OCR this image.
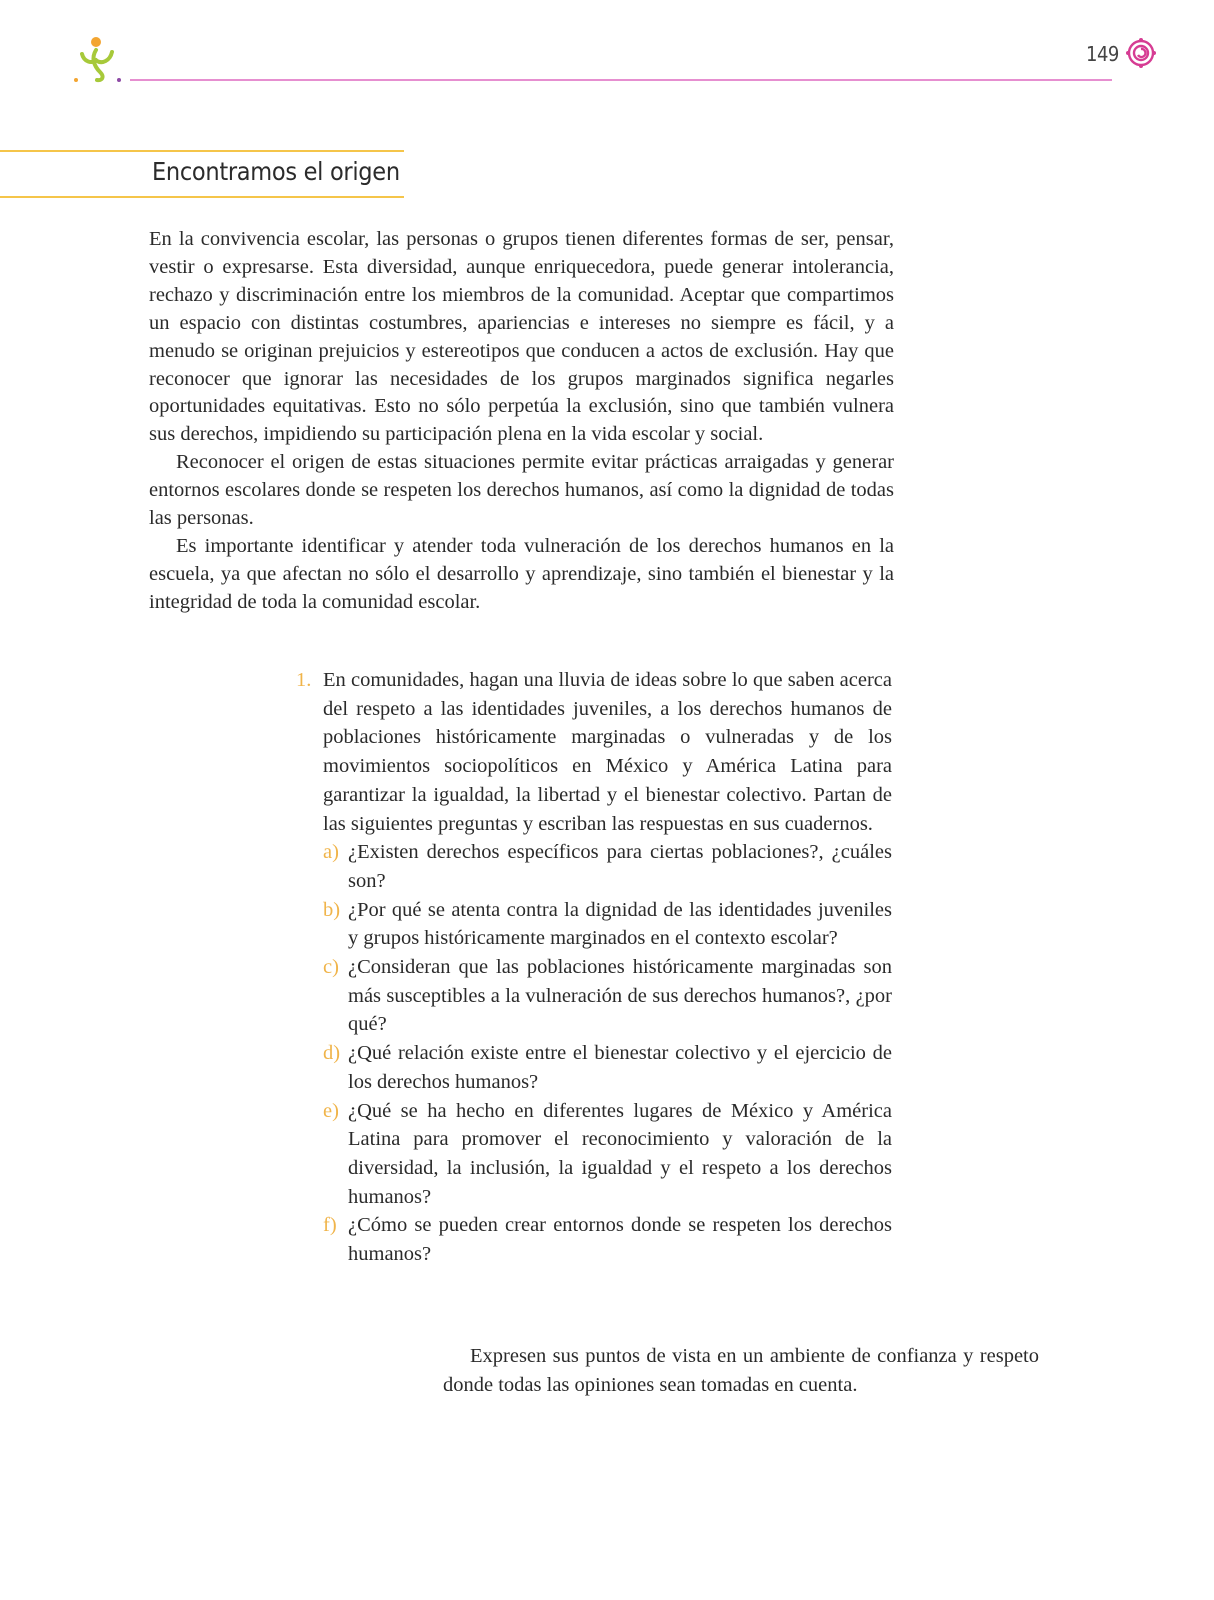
149
Encontramos el origen

En la convivencia escolar, las personas o grupos tienen diferentes formas de ser, pensar, vestir o expresarse. Esta diversidad, aunque enriquecedora, puede generar intolerancia, rechazo y discriminación entre los miembros de la comunidad. Aceptar que compartimos un espacio con distintas costumbres, apariencias e intereses no siempre es fácil, y a menudo se originan prejuicios y estereotipos que conducen a actos de exclusión. Hay que reconocer que ignorar las necesidades de los grupos marginados significa negarles oportunidades equitativas. Esto no sólo perpetúa la exclusión, sino que también vulnera sus derechos, impidiendo su participación plena en la vida escolar y social.

Reconocer el origen de estas situaciones permite evitar prácticas arraigadas y generar entornos escolares donde se respeten los derechos humanos, así como la dignidad de todas las personas.

Es importante identificar y atender toda vulneración de los derechos humanos en la escuela, ya que afectan no sólo el desarrollo y aprendizaje, sino también el bienestar y la integridad de toda la comunidad escolar.

1. En comunidades, hagan una lluvia de ideas sobre lo que saben acerca del respeto a las identidades juveniles, a los derechos humanos de poblaciones históricamente marginadas o vulneradas y de los movimientos sociopolíticos en México y América Latina para garantizar la igualdad, la libertad y el bienestar colectivo. Partan de las siguientes preguntas y escriban las respuestas en sus cuadernos.
a) ¿Existen derechos específicos para ciertas poblaciones?, ¿cuáles son?
b) ¿Por qué se atenta contra la dignidad de las identidades juveniles y grupos históricamente marginados en el contexto escolar?
c) ¿Consideran que las poblaciones históricamente marginadas son más susceptibles a la vulneración de sus derechos humanos?, ¿por qué?
d) ¿Qué relación existe entre el bienestar colectivo y el ejercicio de los derechos humanos?
e) ¿Qué se ha hecho en diferentes lugares de México y América Latina para promover el reconocimiento y valoración de la diversidad, la inclusión, la igualdad y el respeto a los derechos humanos?
f) ¿Cómo se pueden crear entornos donde se respeten los derechos humanos?

Expresen sus puntos de vista en un ambiente de confianza y respeto donde todas las opiniones sean tomadas en cuenta.
